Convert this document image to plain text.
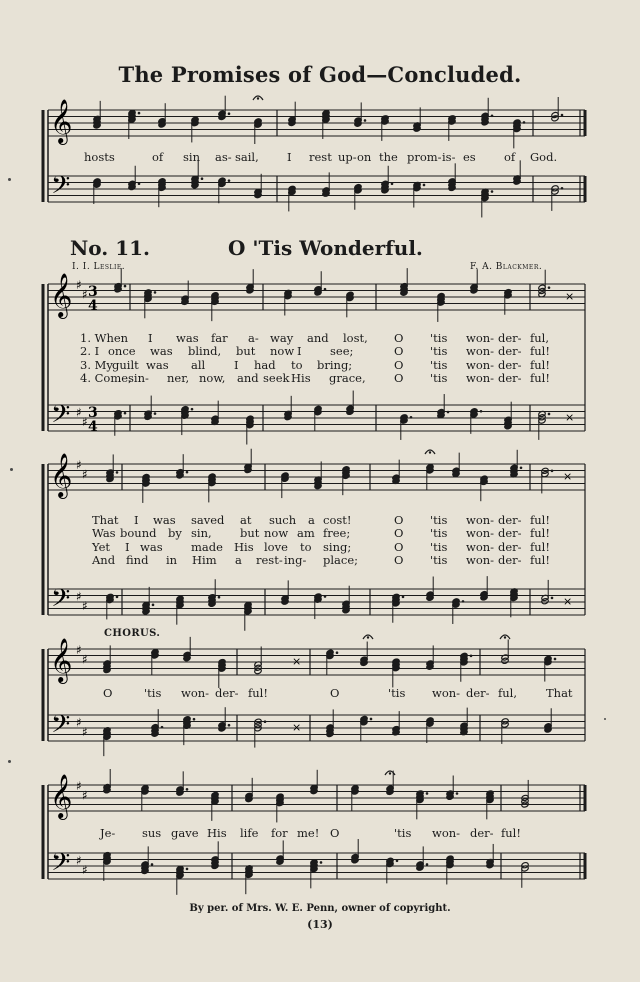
The Promises of God—Concluded.
No. 11.	O 'Tis Wonderful.
I. I. Leslie.	F. A. Blackmer.
𝄞
𝄢
𝄞
𝄢
♯
♯
♯
♯
3
4
3
4
×
×
𝄞
𝄢
♯
♯
♯
♯
×
×
𝄞
𝄢
♯
♯
♯
♯
×
×
𝄞
𝄢
♯
♯
♯
♯
hosts	of sin as- sail, I rest up- on the prom- is- es of God.
1. When I was far a- way and lost, O 'tis won- der- ful,
2. I once was blind, but now I see;	O 'tis won- der- ful!
3. My guilt was all	I had to bring;	O 'tis won- der- ful!
4. Come,
sin- ner, now, and seek His grace, O 'tis won- der- ful!
That I was saved at such a cost!	O 'tis won- der- ful!
Was bound by sin, but now am free;	O 'tis won- der- ful!
Yet I was made His love to sing;	O 'tis won- der- ful!
And find in Him a rest- ing- place;	O 'tis won- der- ful!
CHORUS.
O	'tis won- der- ful!	O	'tis won- der- ful,	That
Je- sus gave His life for me! O	'tis won- der- ful!
By per. of Mrs. W. E. Penn, owner of copyright.
(13)
